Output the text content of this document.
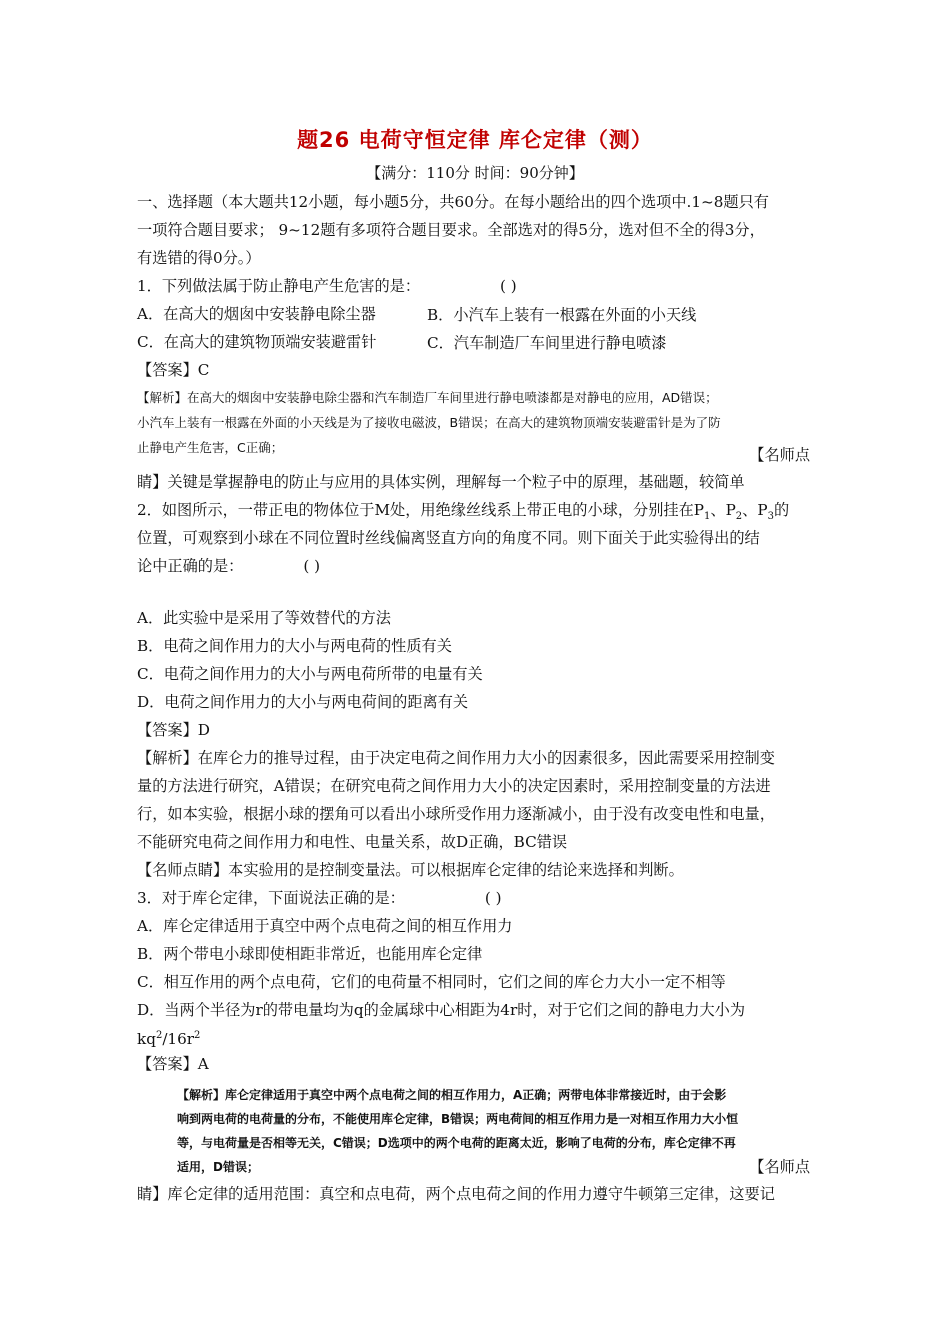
题26 电荷守恒定律 库仑定律（测）
【满分：110分 时间：90分钟】
一、选择题（本大题共12小题，每小题5分，共60分。在每小题给出的四个选项中.1~8题只有
一项符合题目要求； 9~12题有多项符合题目要求。全部选对的得5分，选对但不全的得3分，
有选错的得0分。）
1．下列做法属于防止静电产生危害的是：	( )
A．在高大的烟囱中安装静电除尘器	B．小汽车上装有一根露在外面的小天线
C．在高大的建筑物顶端安装避雷针	C．汽车制造厂车间里进行静电喷漆
【答案】C
【解析】在高大的烟囱中安装静电除尘器和汽车制造厂车间里进行静电喷漆都是对静电的应用，AD错误；
小汽车上装有一根露在外面的小天线是为了接收电磁波，B错误；在高大的建筑物顶端安装避雷针是为了防
止静电产生危害，C正确；	【名师点
睛】关键是掌握静电的防止与应用的具体实例，理解每一个粒子中的原理，基础题，较简单
2．如图所示，一带正电的物体位于M处，用绝缘丝线系上带正电的小球，分别挂在$P_1$、$P_2$、$P_3$的
位置，可观察到小球在不同位置时丝线偏离竖直方向的角度不同。则下面关于此实验得出的结
论中正确的是：	( )
A．此实验中是采用了等效替代的方法
B．电荷之间作用力的大小与两电荷的性质有关
C．电荷之间作用力的大小与两电荷所带的电量有关
D．电荷之间作用力的大小与两电荷间的距离有关
【答案】D
【解析】在库仑力的推导过程，由于决定电荷之间作用力大小的因素很多，因此需要采用控制变
量的方法进行研究，A错误；在研究电荷之间作用力大小的决定因素时，采用控制变量的方法进
行，如本实验，根据小球的摆角可以看出小球所受作用力逐渐减小，由于没有改变电性和电量，
不能研究电荷之间作用力和电性、电量关系，故D正确，BC错误
【名师点睛】本实验用的是控制变量法。可以根据库仑定律的结论来选择和判断。
3．对于库仑定律，下面说法正确的是：	( )
A．库仑定律适用于真空中两个点电荷之间的相互作用力
B．两个带电小球即使相距非常近，也能用库仑定律
C．相互作用的两个点电荷，它们的电荷量不相同时，它们之间的库仑力大小一定不相等
D．当两个半径为r的带电量均为q的金属球中心相距为4r时，对于它们之间的静电力大小为
$kq^2/16r^2$
【答案】A
【解析】库仑定律适用于真空中两个点电荷之间的相互作用力，A正确；两带电体非常接近时，由于会影
响到两电荷的电荷量的分布，不能使用库仑定律，B错误；两电荷间的相互作用力是一对相互作用力大小恒
等，与电荷量是否相等无关，C错误；D选项中的两个电荷的距离太近，影响了电荷的分布，库仑定律不再
适用，D错误；	【名师点
睛】库仑定律的适用范围：真空和点电荷，两个点电荷之间的作用力遵守牛顿第三定律，这要记
